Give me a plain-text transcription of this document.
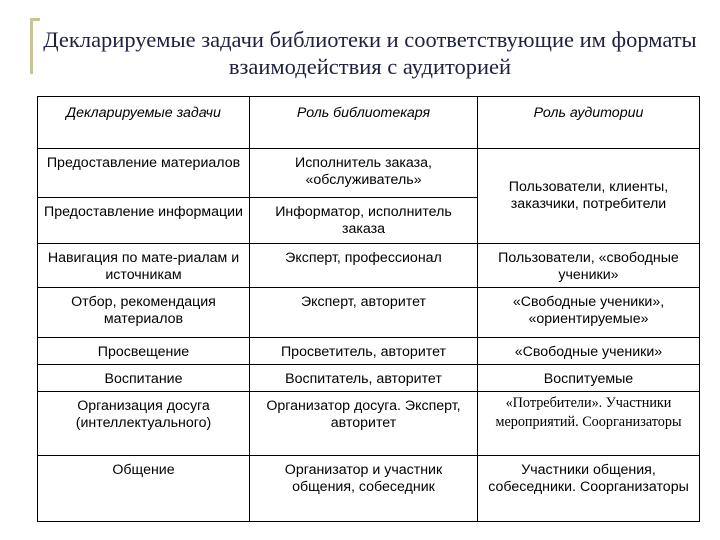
Декларируемые задачи библиотеки и соответствующие им форматы взаимодействия с аудиторией
Декларируемые задачи	Роль библиотекаря	Роль аудитории
Предоставление материалов	Исполнитель заказа, «обслуживатель»	Пользователи, клиенты, заказчики, потребители
Предоставление информации	Информатор, исполнитель заказа	
Навигация по мате-риалам и источникам	Эксперт, профессионал	Пользователи, «свободные ученики»
Отбор, рекомендация материалов	Эксперт, авторитет	«Свободные ученики», «ориентируемые»
Просвещение	Просветитель, авторитет	«Свободные ученики»
Воспитание	Воспитатель, авторитет	Воспитуемые
Организация досуга (интеллектуального)	Организатор досуга. Эксперт, авторитет	«Потребители». Участники мероприятий. Соорганизаторы
Общение	Организатор и участник общения, собеседник	Участники общения, собеседники. Соорганизаторы
